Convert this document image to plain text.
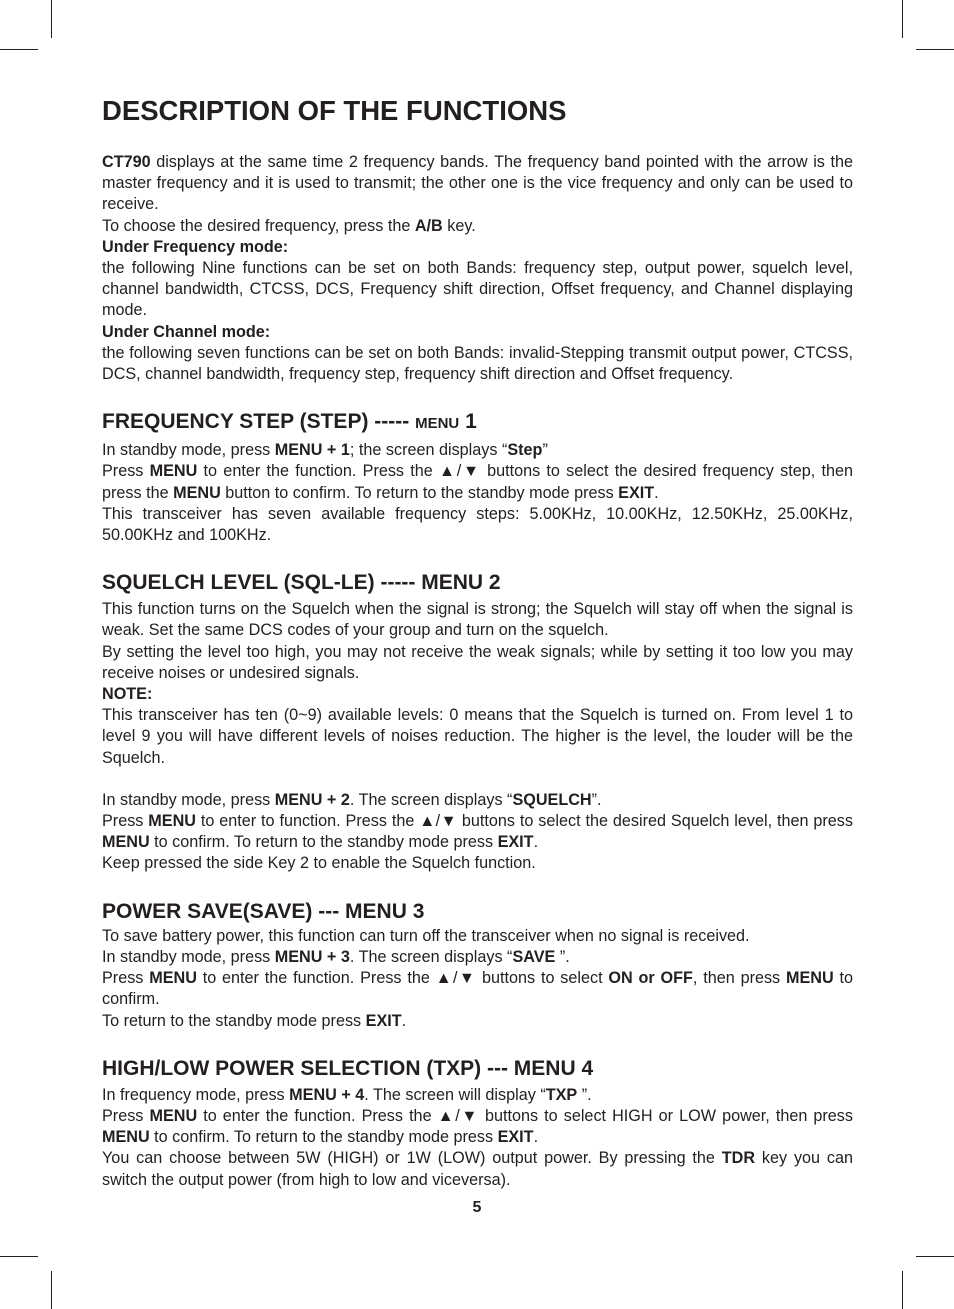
DESCRIPTION OF THE FUNCTIONS

CT790 displays at the same time 2 frequency bands. The frequency band pointed with the arrow is the master frequency and it is used to transmit; the other one is the vice frequency and only can be used to receive.

To choose the desired frequency, press the A/B key.

Under Frequency mode:

the following Nine functions can be set on both Bands: frequency step, output power, squelch level, channel bandwidth, CTCSS, DCS, Frequency shift direction, Offset frequency, and Channel displaying mode.

Under Channel mode:

the following seven functions can be set on both Bands: invalid-Stepping transmit output power, CTCSS, DCS, channel bandwidth, frequency step, frequency shift direction and Offset frequency.

FREQUENCY STEP (STEP) ----- MENU 1

In standby mode, press MENU + 1; the screen displays “Step”

Press MENU to enter the function. Press the ▲/▼ buttons to select the desired frequency step, then press the MENU button to confirm. To return to the standby mode press EXIT.

This transceiver has seven available frequency steps: 5.00KHz, 10.00KHz, 12.50KHz, 25.00KHz, 50.00KHz and 100KHz.

SQUELCH LEVEL (SQL-LE) ----- MENU 2

This function turns on the Squelch when the signal is strong; the Squelch will stay off when the signal is weak. Set the same DCS codes of your group and turn on the squelch.

By setting the level too high, you may not receive the weak signals; while by setting it too low you may receive noises or undesired signals.

NOTE:

This transceiver has ten (0~9) available levels: 0 means that the Squelch is turned on. From level 1 to level 9 you will have different levels of noises reduction. The higher is the level, the louder will be the Squelch.

In standby mode, press MENU + 2. The screen displays “SQUELCH”.

Press MENU to enter to function. Press the ▲/▼ buttons to select the desired Squelch level, then press MENU to confirm. To return to the standby mode press EXIT.

Keep pressed the side Key 2 to enable the Squelch function.

POWER SAVE(SAVE) --- MENU 3

To save battery power, this function can turn off the transceiver when no signal is received.

In standby mode, press MENU + 3. The screen displays “SAVE ”.

Press MENU to enter the function. Press the ▲/▼ buttons to select ON or OFF, then press MENU to confirm.

To return to the standby mode press EXIT.

HIGH/LOW POWER SELECTION (TXP) --- MENU 4

In frequency mode, press MENU + 4. The screen will display “TXP ”.

Press MENU to enter the function. Press the ▲/▼ buttons to select HIGH or LOW power, then press MENU to confirm. To return to the standby mode press EXIT.

You can choose between 5W (HIGH) or 1W (LOW) output power. By pressing the TDR key you can switch the output power (from high to low and viceversa).

5
